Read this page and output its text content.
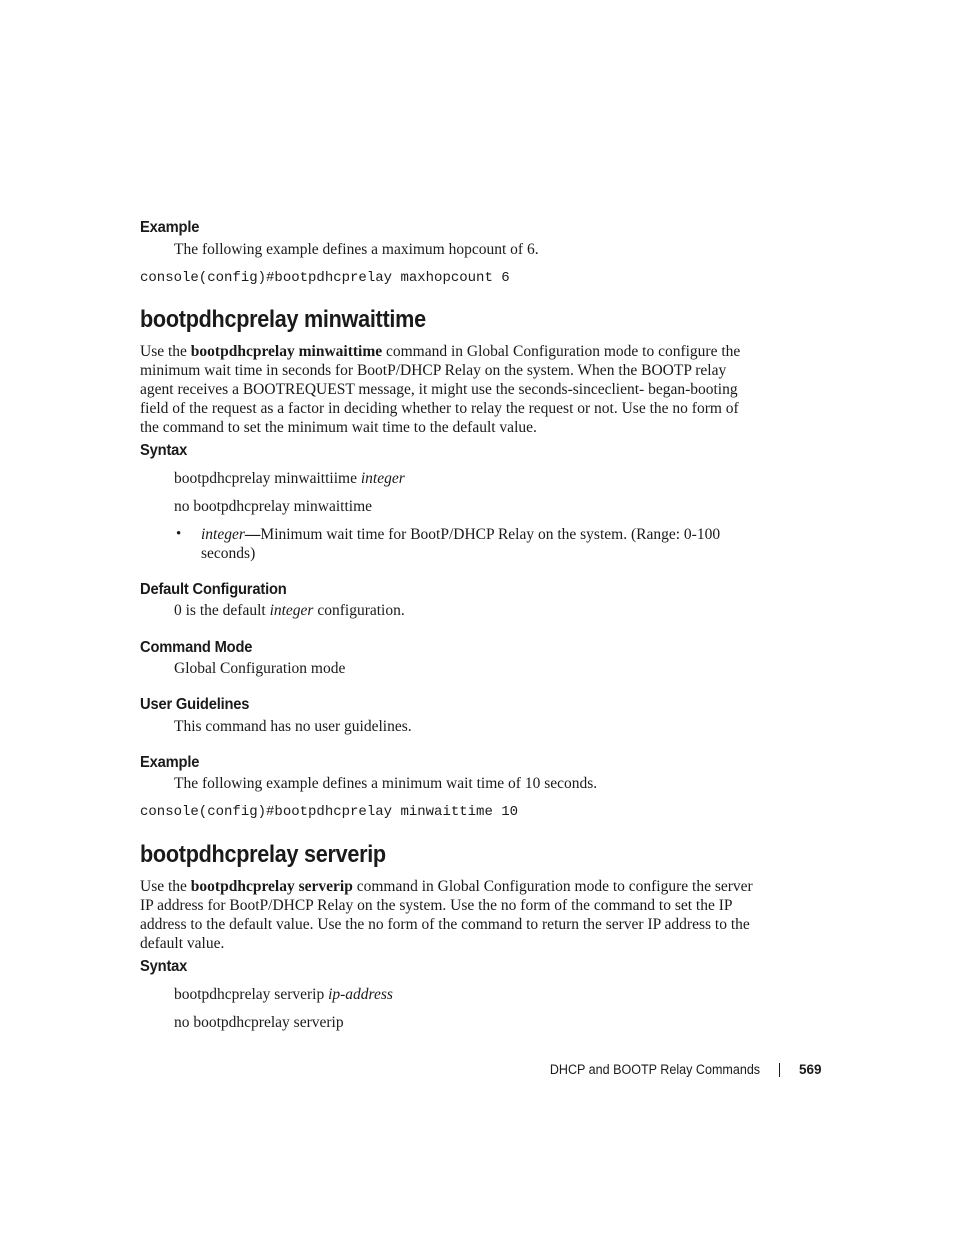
Example
The following example defines a maximum hopcount of 6.
console(config)#bootpdhcprelay maxhopcount 6
bootpdhcprelay minwaittime
Use the bootpdhcprelay minwaittime command in Global Configuration mode to configure the minimum wait time in seconds for BootP/DHCP Relay on the system. When the BOOTP relay agent receives a BOOTREQUEST message, it might use the seconds-sinceclient- began-booting field of the request as a factor in deciding whether to relay the request or not. Use the no form of the command to set the minimum wait time to the default value.
Syntax
bootpdhcprelay minwaittiime integer
no bootpdhcprelay minwaittime
• integer—Minimum wait time for BootP/DHCP Relay on the system. (Range: 0-100 seconds)
Default Configuration
0 is the default integer configuration.
Command Mode
Global Configuration mode
User Guidelines
This command has no user guidelines.
Example
The following example defines a minimum wait time of 10 seconds.
console(config)#bootpdhcprelay minwaittime 10
bootpdhcprelay serverip
Use the bootpdhcprelay serverip command in Global Configuration mode to configure the server IP address for BootP/DHCP Relay on the system. Use the no form of the command to set the IP address to the default value. Use the no form of the command to return the server IP address to the default value.
Syntax
bootpdhcprelay serverip ip-address
no bootpdhcprelay serverip
DHCP and BOOTP Relay Commands	569
